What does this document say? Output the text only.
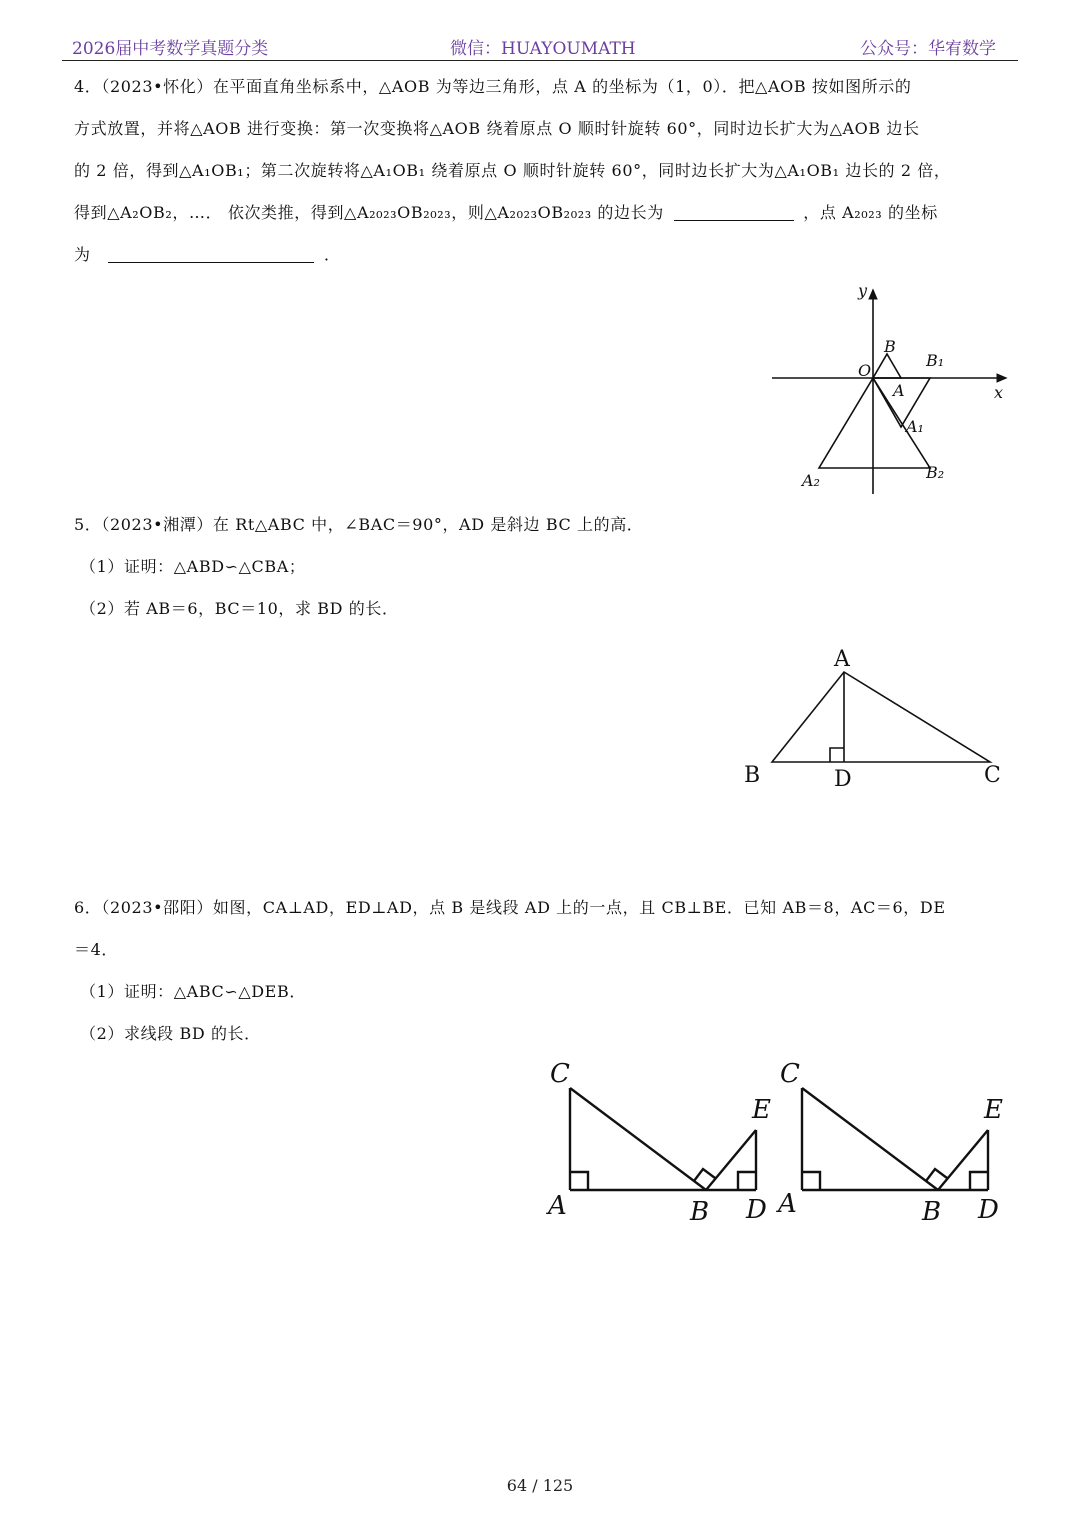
2026届中考数学真题分类	微信：HUAYOUMATH	公众号：华宥数学

4．（2023•怀化）在平面直角坐标系中，△AOB 为等边三角形，点 A 的坐标为（1，0）．把△AOB 按如图所示的

方式放置，并将△AOB 进行变换：第一次变换将△AOB 绕着原点 O 顺时针旋转 60°，同时边长扩大为△AOB 边长

的 2 倍，得到△A₁OB₁；第二次旋转将△A₁OB₁ 绕着原点 O 顺时针旋转 60°，同时边长扩大为△A₁OB₁ 边长的 2 倍，

得到△A₂OB₂，…． 依次类推，得到△A₂₀₂₃OB₂₀₂₃，则△A₂₀₂₃OB₂₀₂₃ 的边长为	，点 A₂₀₂₃ 的坐标

为	．

y
x
O
A
B
B₁
A₁
A₂	B₂
5．（2023•湘潭）在 Rt△ABC 中，∠BAC＝90°，AD 是斜边 BC 上的高．
（1）证明：△ABD∽△CBA；
（2）若 AB＝6，BC＝10，求 BD 的长．
A
B	D	C

6．（2023•邵阳）如图，CA⊥AD，ED⊥AD，点 B 是线段 AD 上的一点，且 CB⊥BE．已知 AB＝8，AC＝6，DE

＝4．

（1）证明：△ABC∽△DEB．
（2）求线段 BD 的长．
C
E
A	B D
C
E
A	B D
64 / 125
